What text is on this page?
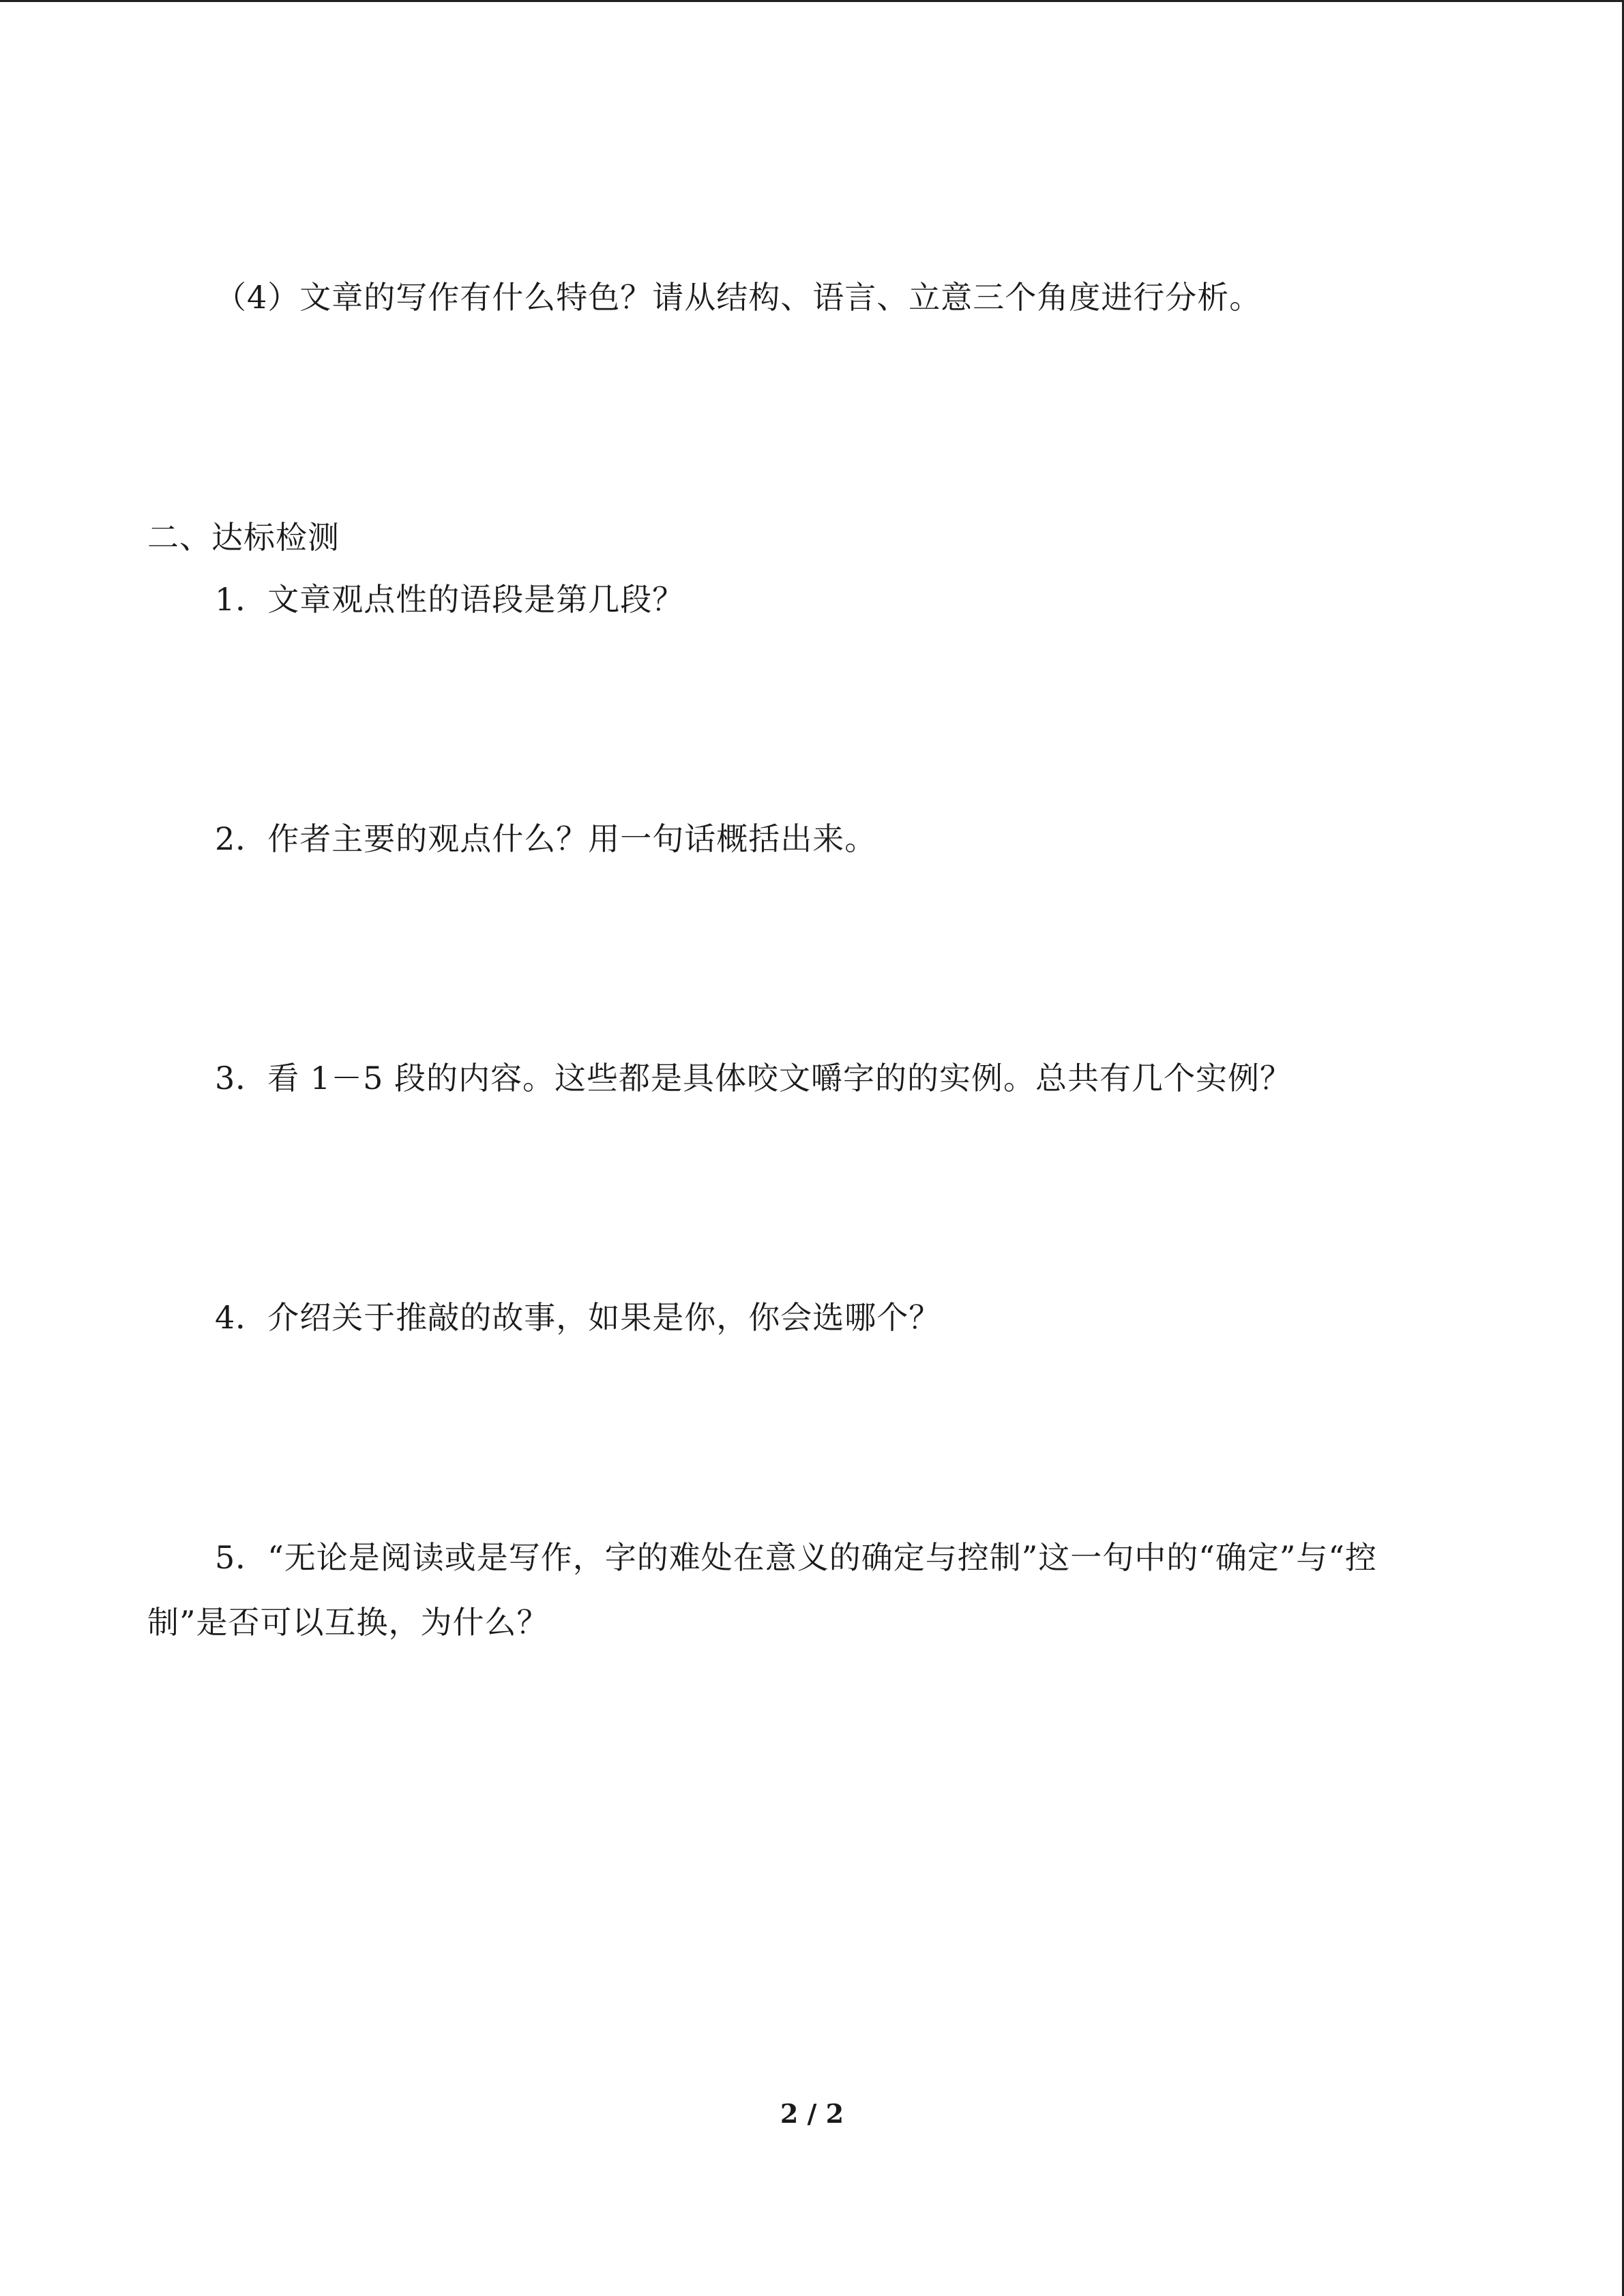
（4）文章的写作有什么特色？请从结构、语言、立意三个角度进行分析。
二、达标检测
1．文章观点性的语段是第几段？
2．作者主要的观点什么？用一句话概括出来。
3．看 1－5 段的内容。这些都是具体咬文嚼字的的实例。总共有几个实例？
4．介绍关于推敲的故事，如果是你，你会选哪个？
5．“无论是阅读或是写作，字的难处在意义的确定与控制”这一句中的“确定”与“控
制”是否可以互换，为什么？
2 / 2
